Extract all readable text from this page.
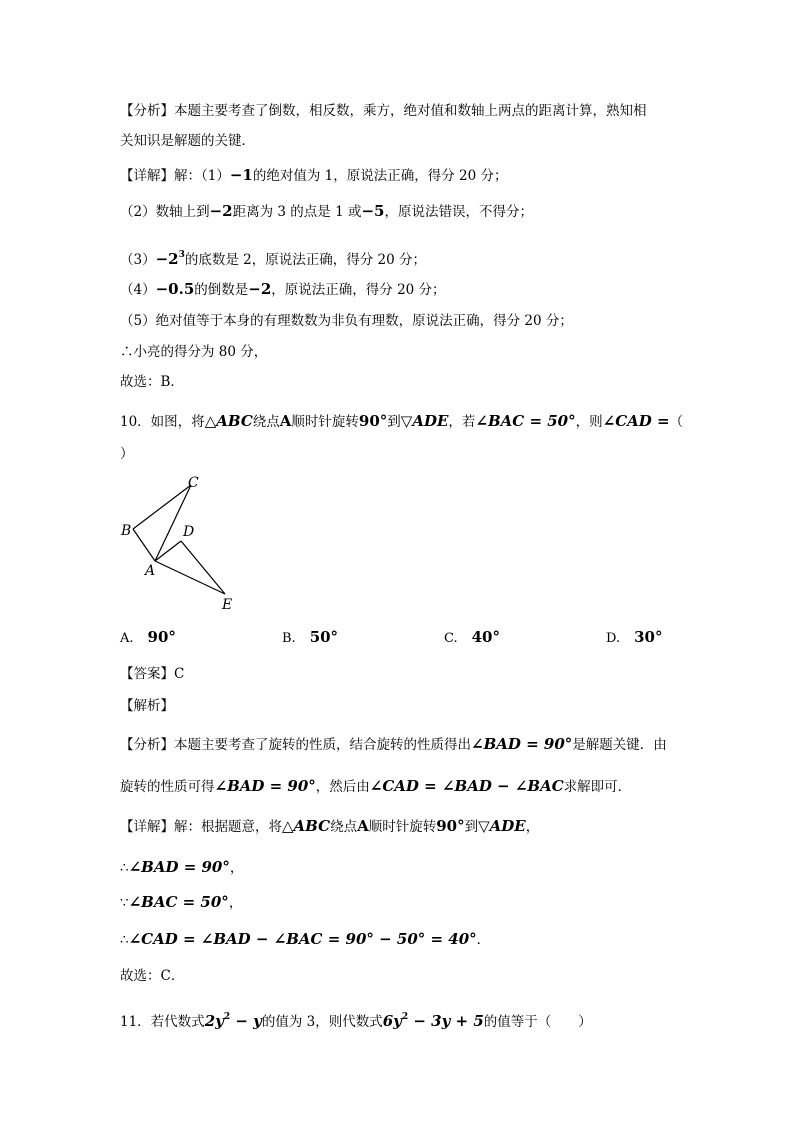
【分析】本题主要考查了倒数，相反数，乘方，绝对值和数轴上两点的距离计算，熟知相
关知识是解题的关键．
【详解】解：（1）−1的绝对值为 1，原说法正确，得分 20 分；
（2）数轴上到−2距离为 3 的点是 1 或−5，原说法错误，不得分；
$(3)-2^3$的底数是 2，原说法正确，得分 20 分；
（4）−0.5的倒数是−2，原说法正确，得分 20 分；
（5）绝对值等于本身的有理数数为非负有理数，原说法正确，得分 20 分；
∴小亮的得分为 80 分，
故选：B．
10．如图，将△ABC绕点A顺时针旋转90°到▽ADE，若∠BAC = 50°，则∠CAD =（
）
C
B	D
A
E
A. 90°	B. 50°	C. 40°	D. 30°
【答案】C
【解析】
【分析】本题主要考查了旋转的性质，结合旋转的性质得出∠BAD = 90°是解题关键．由
旋转的性质可得∠BAD = 90°，然后由∠CAD = ∠BAD − ∠BAC求解即可．
【详解】解：根据题意，将△ABC绕点A顺时针旋转90°到▽ADE，
∴∠BAD = 90°，
∵∠BAC = 50°，
∴∠CAD = ∠BAD − ∠BAC = 90° − 50° = 40°．
故选：C．
11．若代数式$2y^2 - y$的值为 3，则代数式$6y^2 - 3y + 5$的值等于（　　）
